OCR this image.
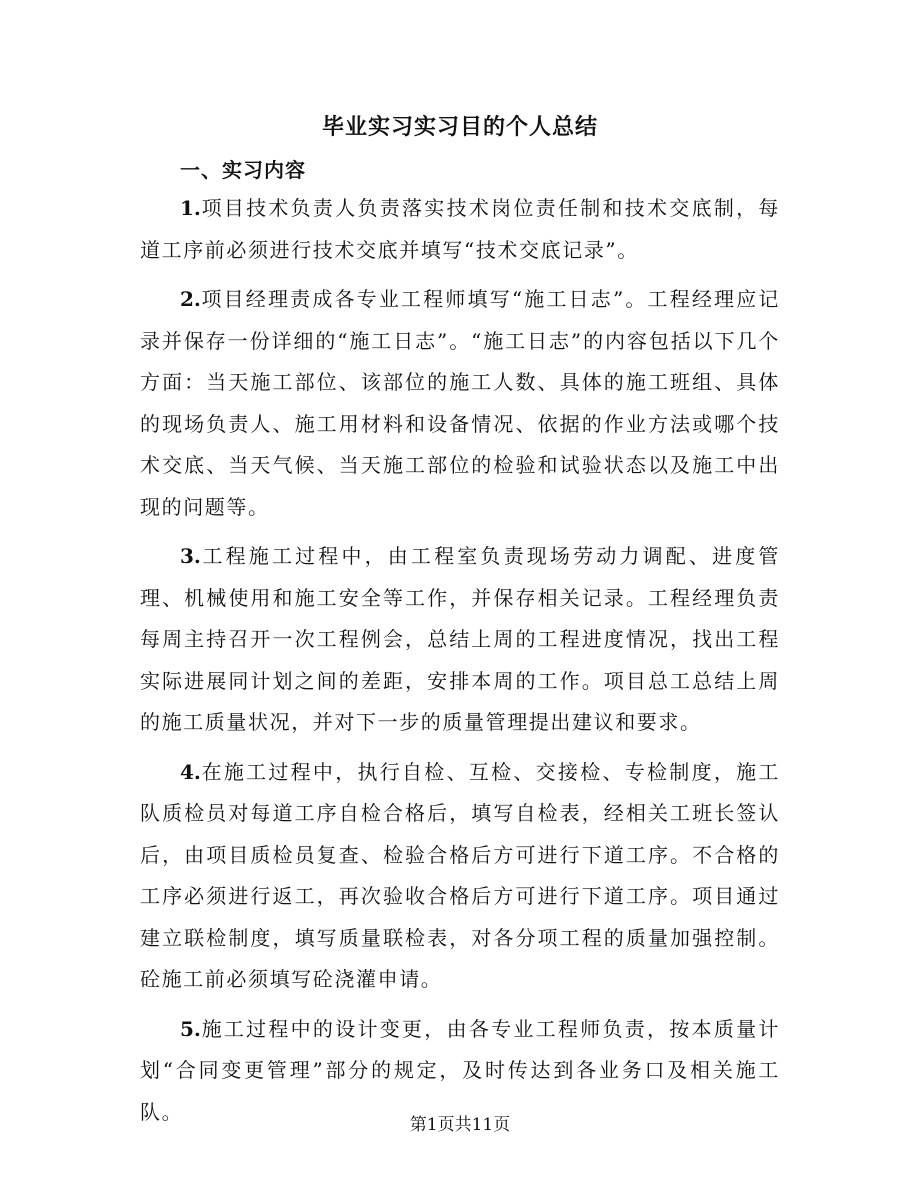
毕业实习实习目的个人总结
一、实习内容

1.项目技术负责人负责落实技术岗位责任制和技术交底制，每道工序前必须进行技术交底并填写“技术交底记录”。

2.项目经理责成各专业工程师填写“施工日志”。工程经理应记录并保存一份详细的“施工日志”。“施工日志”的内容包括以下几个方面：当天施工部位、该部位的施工人数、具体的施工班组、具体的现场负责人、施工用材料和设备情况、依据的作业方法或哪个技术交底、当天气候、当天施工部位的检验和试验状态以及施工中出现的问题等。

3.工程施工过程中，由工程室负责现场劳动力调配、进度管理、机械使用和施工安全等工作，并保存相关记录。工程经理负责每周主持召开一次工程例会，总结上周的工程进度情况，找出工程实际进展同计划之间的差距，安排本周的工作。项目总工总结上周的施工质量状况，并对下一步的质量管理提出建议和要求。

4.在施工过程中，执行自检、互检、交接检、专检制度，施工队质检员对每道工序自检合格后，填写自检表，经相关工班长签认后，由项目质检员复查、检验合格后方可进行下道工序。不合格的工序必须进行返工，再次验收合格后方可进行下道工序。项目通过建立联检制度，填写质量联检表，对各分项工程的质量加强控制。砼施工前必须填写砼浇灌申请。

5.施工过程中的设计变更，由各专业工程师负责，按本质量计划“合同变更管理”部分的规定，及时传达到各业务口及相关施工队。

第1页共11页
